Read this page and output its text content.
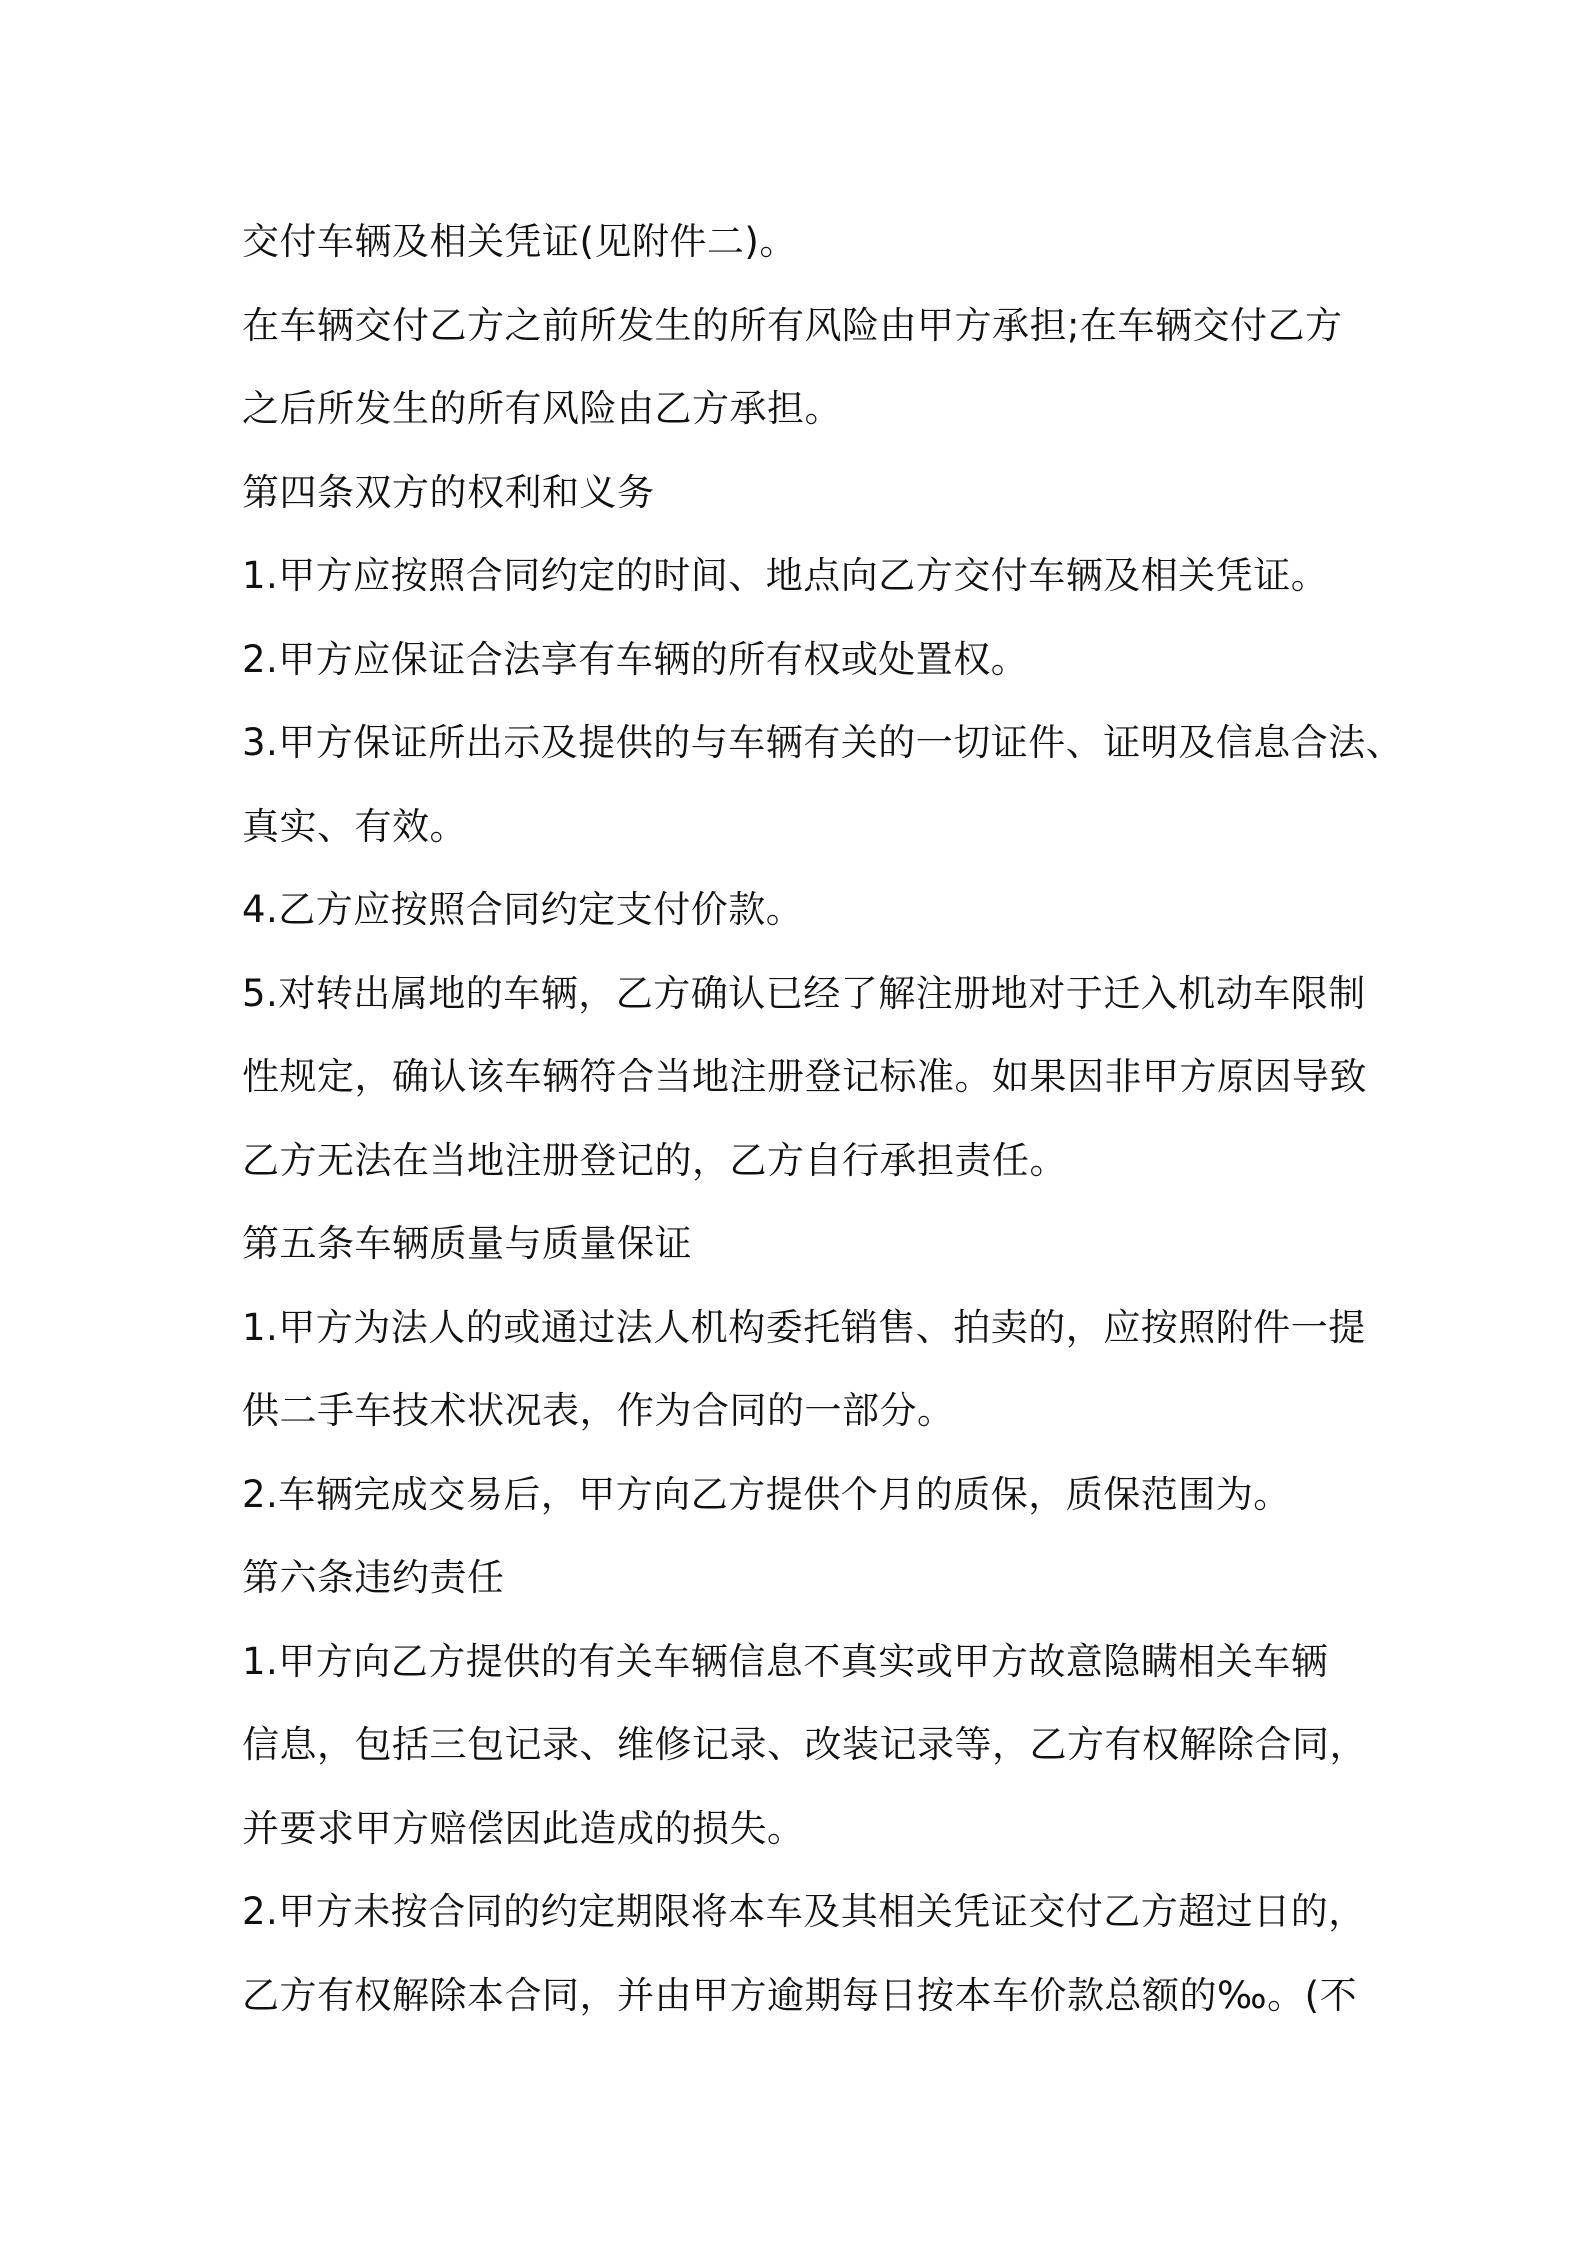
交付车辆及相关凭证(见附件二)。
在车辆交付乙方之前所发生的所有风险由甲方承担;在车辆交付乙方
之后所发生的所有风险由乙方承担。
第四条双方的权利和义务
1.甲方应按照合同约定的时间、地点向乙方交付车辆及相关凭证。
2.甲方应保证合法享有车辆的所有权或处置权。
3.甲方保证所出示及提供的与车辆有关的一切证件、证明及信息合法、
真实、有效。
4.乙方应按照合同约定支付价款。
5.对转出属地的车辆，乙方确认已经了解注册地对于迁入机动车限制
性规定，确认该车辆符合当地注册登记标准。如果因非甲方原因导致
乙方无法在当地注册登记的，乙方自行承担责任。
第五条车辆质量与质量保证
1.甲方为法人的或通过法人机构委托销售、拍卖的，应按照附件一提
供二手车技术状况表，作为合同的一部分。
2.车辆完成交易后，甲方向乙方提供个月的质保，质保范围为。
第六条违约责任
1.甲方向乙方提供的有关车辆信息不真实或甲方故意隐瞒相关车辆
信息，包括三包记录、维修记录、改装记录等，乙方有权解除合同，
并要求甲方赔偿因此造成的损失。
2.甲方未按合同的约定期限将本车及其相关凭证交付乙方超过日的，
乙方有权解除本合同，并由甲方逾期每日按本车价款总额的‰。(不
